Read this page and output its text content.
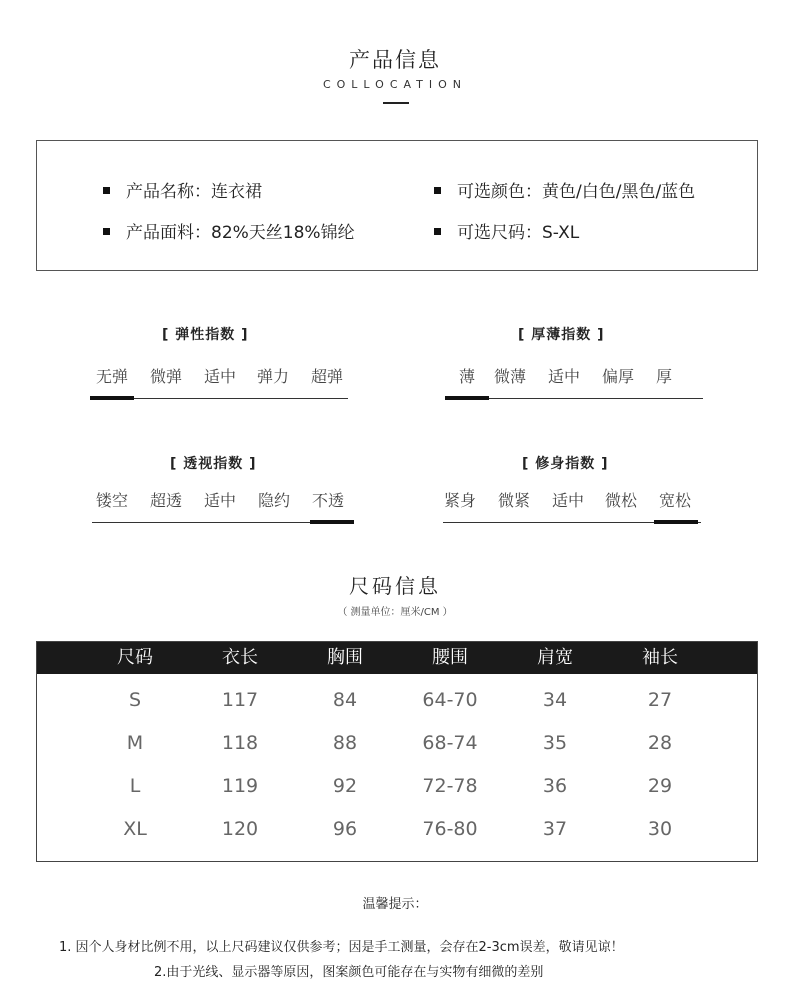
产品信息
COLLOCATION
产品名称：连衣裙
产品面料：82%天丝18%锦纶
可选颜色：黄色/白色/黑色/蓝色
可选尺码：S-XL
[ 弹性指数 ]
无弹 微弹 适中 弹力 超弹
[ 厚薄指数 ]
薄 微薄 适中 偏厚 厚
[ 透视指数 ]
镂空 超透 适中 隐约 不透
[ 修身指数 ]
紧身 微紧 适中 微松 宽松
尺码信息
（ 测量单位：厘米/CM ）
尺码	衣长	胸围	腰围	肩宽	袖长
S	117	84	64-70	34	27
M	118	88	68-74	35	28
L	119	92	72-78	36	29
XL	120	96	76-80	37	30
温馨提示：
1. 因个人身材比例不用，以上尺码建议仅供参考；因是手工测量，会存在2-3cm误差，敬请见谅！
2.由于光线、显示器等原因，图案颜色可能存在与实物有细微的差别
